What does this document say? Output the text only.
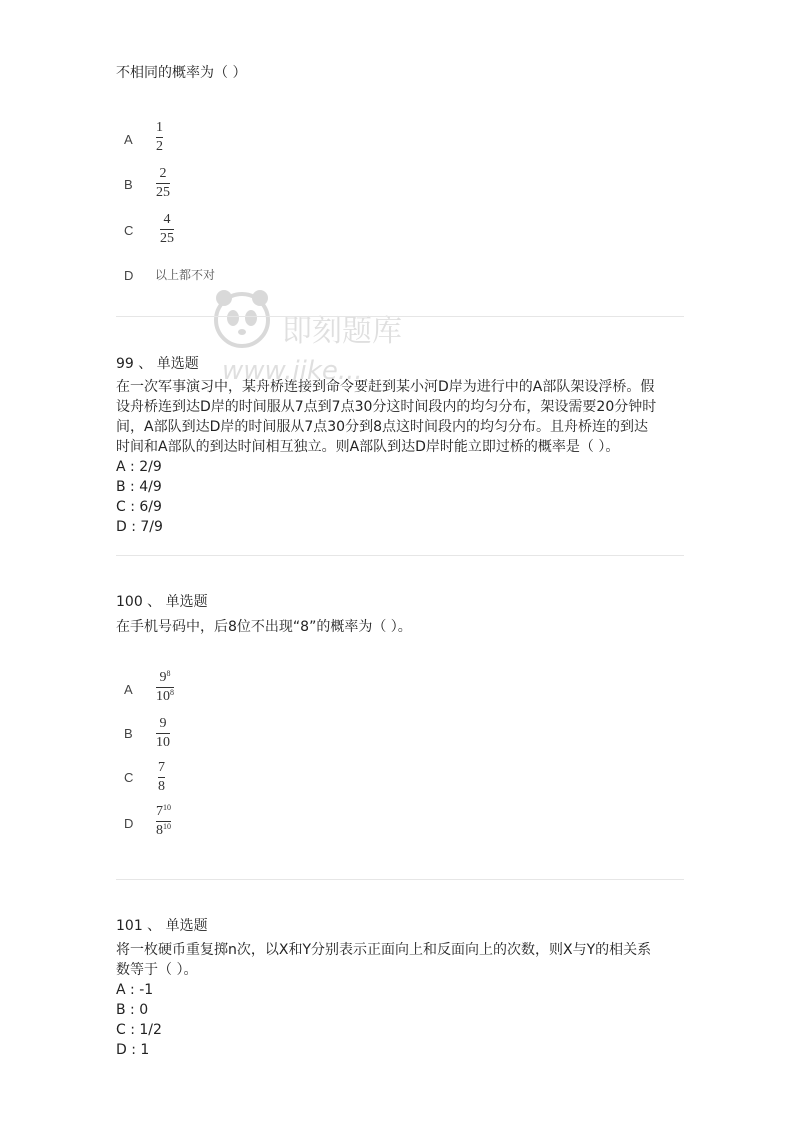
不相同的概率为（ ）
A
1
2
B
2
25
C
4
25
D 以上都不对
即刻题库
www.jike...
99 、 单选题
在一次军事演习中，某舟桥连接到命令要赶到某小河D岸为进行中的A部队架设浮桥。假
设舟桥连到达D岸的时间服从7点到7点30分这时间段内的均匀分布，架设需要20分钟时
间，A部队到达D岸的时间服从7点30分到8点这时间段内的均匀分布。且舟桥连的到达
时间和A部队的到达时间相互独立。则A部队到达D岸时能立即过桥的概率是（ ）。
A : 2/9
B : 4/9
C : 6/9
D : 7/9
100 、 单选题
在手机号码中，后8位不出现“8”的概率为（ ）。
A
$9^8$
$10^8$
B
9
10
C
7
8
D
$7^{10}$
$8^{10}$
101 、 单选题
将一枚硬币重复掷n次，以X和Y分别表示正面向上和反面向上的次数，则X与Y的相关系
数等于（ ）。
A : -1
B : 0
C : 1/2
D : 1
